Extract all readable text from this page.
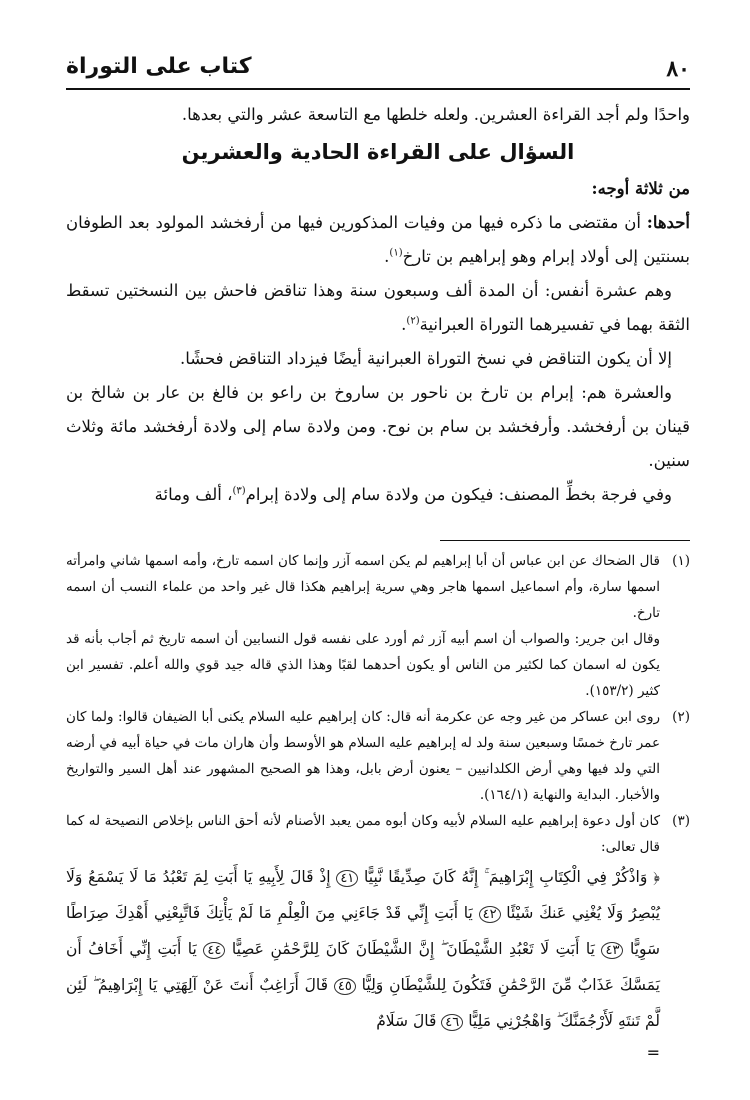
٨٠
كتاب على التوراة

واحدًا ولم أجد القراءة العشرين. ولعله خلطها مع التاسعة عشر والتي بعدها.

السؤال على القراءة الحادية والعشرين

من ثلاثة أوجه:

أحدها: أن مقتضى ما ذكره فيها من وفيات المذكورين فيها من أرفخشد المولود بعد الطوفان بسنتين إلى أولاد إبرام وهو إبراهيم بن تارخ$^{(١)}$.

وهم عشرة أنفس: أن المدة ألف وسبعون سنة وهذا تناقض فاحش بين النسختين تسقط الثقة بهما في تفسيرهما التوراة العبرانية$^{(٢)}$.

إلا أن يكون التناقض في نسخ التوراة العبرانية أيضًا فيزداد التناقض فحشًا.

والعشرة هم: إبرام بن تارخ بن ناحور بن ساروخ بن راعو بن فالغ بن عار بن شالخ بن قينان بن أرفخشد. وأرفخشد بن سام بن نوح. ومن ولادة سام إلى ولادة أرفخشد مائة وثلاث سنين.

وفي فرجة بخطِّ المصنف: فيكون من ولادة سام إلى ولادة إبرام$^{(٣)}$، ألف ومائة

(١)
قال الضحاك عن ابن عباس أن أبا إبراهيم لم يكن اسمه آزر وإنما كان اسمه تارخ، وأمه اسمها شاني وامرأته اسمها سارة، وأم اسماعيل اسمها هاجر وهي سرية إبراهيم هكذا قال غير واحد من علماء النسب أن اسمه تارخ.

وقال ابن جرير: والصواب أن اسم أبيه آزر ثم أورد على نفسه قول النسابين أن اسمه تاريخ ثم أجاب بأنه قد يكون له اسمان كما لكثير من الناس أو يكون أحدهما لقبًا وهذا الذي قاله جيد قوي والله أعلم. تفسير ابن كثير (١٥٣/٢).

(٢)
روى ابن عساكر من غير وجه عن عكرمة أنه قال: كان إبراهيم عليه السلام يكنى أبا الضيفان قالوا: ولما كان عمر تارخ خمسًا وسبعين سنة ولد له إبراهيم عليه السلام هو الأوسط وأن هاران مات في حياة أبيه في أرضه التي ولد فيها وهي أرض الكلدانيين – يعنون أرض بابل، وهذا هو الصحيح المشهور عند أهل السير والتواريخ والأخبار. البداية والنهاية (١٦٤/١).
(٣)
كان أول دعوة إبراهيم عليه السلام لأبيه وكان أبوه ممن يعبد الأصنام لأنه أحق الناس بإخلاص النصيحة له كما قال تعالى:

﴿ وَاذْكُرْ فِي الْكِتَابِ إِبْرَاهِيمَ ۚ إِنَّهُ كَانَ صِدِّيقًا نَّبِيًّا ٤١ إِذْ قَالَ لِأَبِيهِ يَا أَبَتِ لِمَ تَعْبُدُ مَا لَا يَسْمَعُ وَلَا يُبْصِرُ وَلَا يُغْنِي عَنكَ شَيْئًا ٤٢ يَا أَبَتِ إِنِّي قَدْ جَاءَنِي مِنَ الْعِلْمِ مَا لَمْ يَأْتِكَ فَاتَّبِعْنِي أَهْدِكَ صِرَاطًا سَوِيًّا ٤٣ يَا أَبَتِ لَا تَعْبُدِ الشَّيْطَانَ ۖ إِنَّ الشَّيْطَانَ كَانَ لِلرَّحْمَٰنِ عَصِيًّا ٤٤ يَا أَبَتِ إِنِّي أَخَافُ أَن يَمَسَّكَ عَذَابٌ مِّنَ الرَّحْمَٰنِ فَتَكُونَ لِلشَّيْطَانِ وَلِيًّا ٤٥ قَالَ أَرَاغِبٌ أَنتَ عَنْ آلِهَتِي يَا إِبْرَاهِيمُ ۖ لَئِن لَّمْ تَنتَهِ لَأَرْجُمَنَّكَ ۖ وَاهْجُرْنِي مَلِيًّا ٤٦ قَالَ سَلَامٌ

=
